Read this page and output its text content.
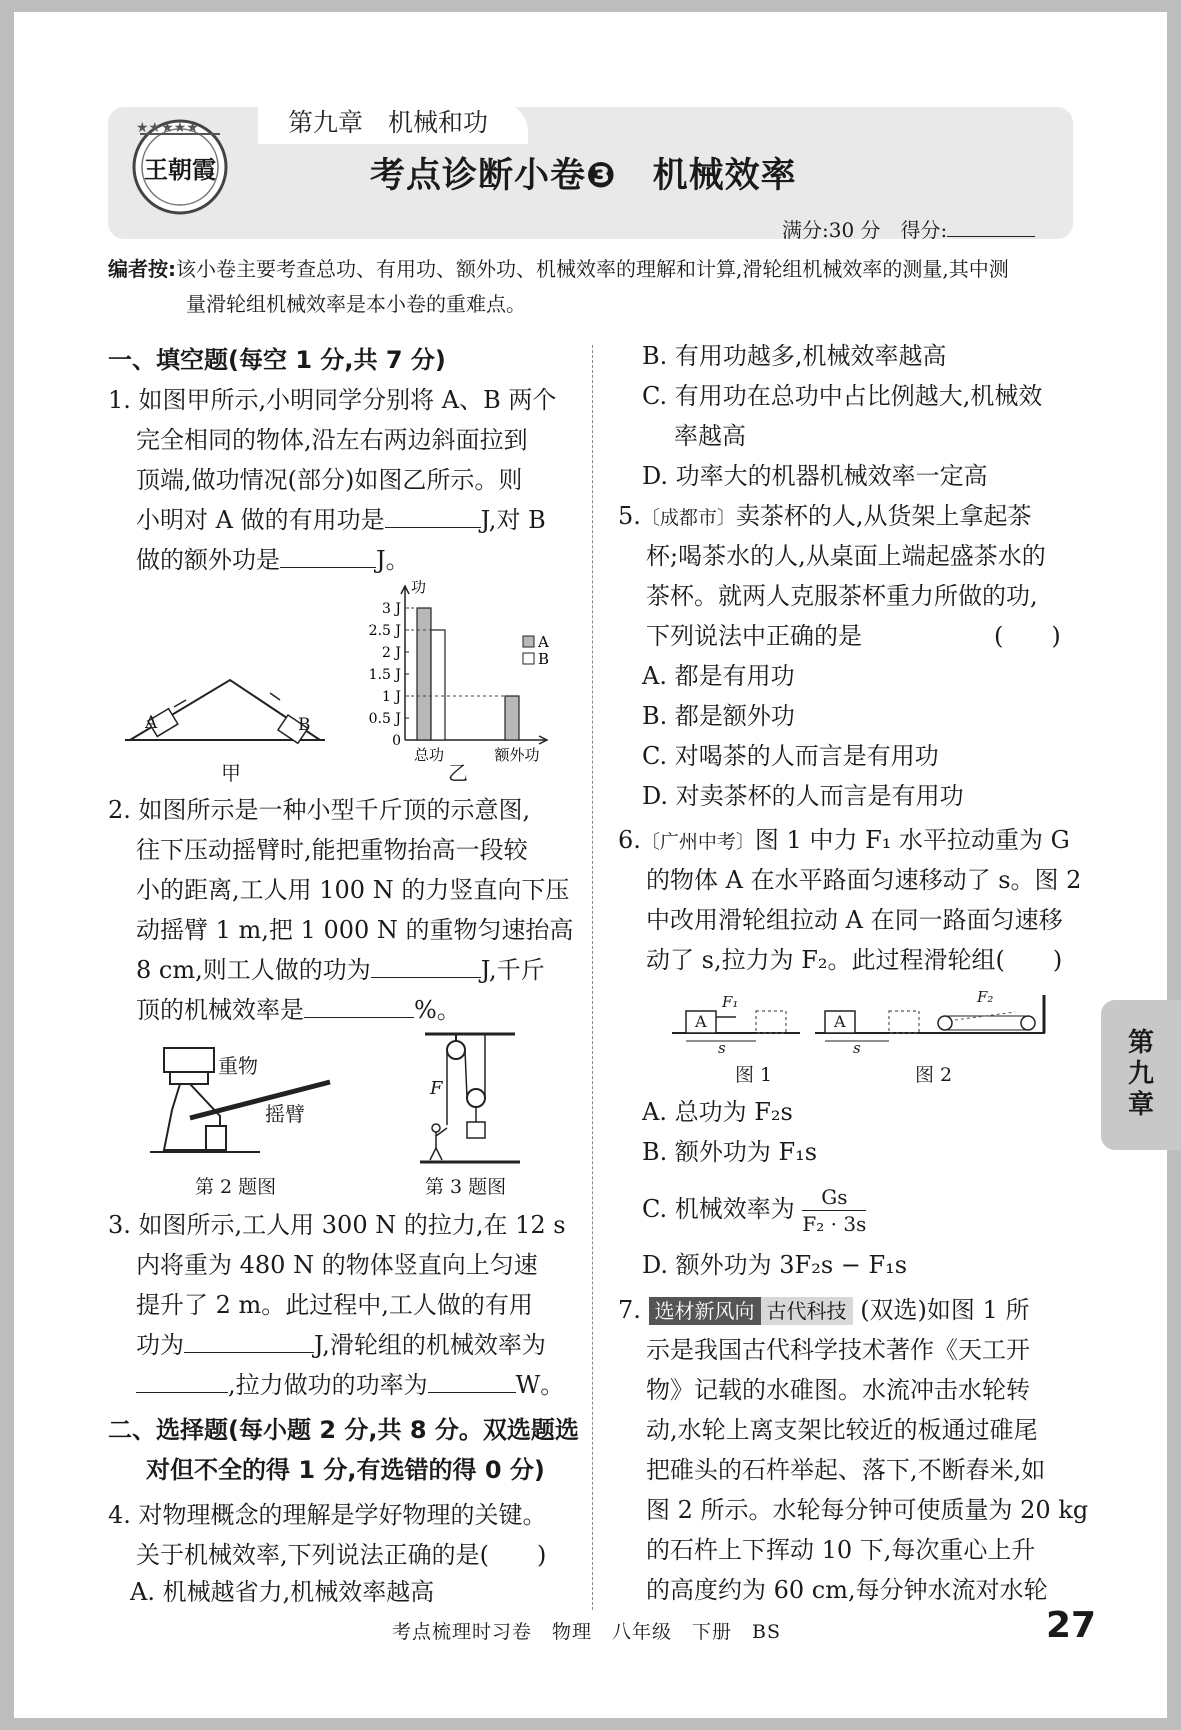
★★★★★
王朝霞
第九章　机械和功
考点诊断小卷❸　机械效率
满分:30 分　得分:
编者按:该小卷主要考查总功、有用功、额外功、机械效率的理解和计算,滑轮组机械效率的测量,其中测
量滑轮组机械效率是本小卷的重难点。
一、填空题(每空 1 分,共 7 分)
1. 如图甲所示,小明同学分别将 A、B 两个
完全相同的物体,沿左右两边斜面拉到
顶端,做功情况(部分)如图乙所示。则
小明对 A 做的有用功是	J,对 B
做的额外功是	J。
A	B
甲
功
3 J
2.5 J
2 J
1.5 J
1 J
0.5 J
0
总功	额外功
A
B
乙
2. 如图所示是一种小型千斤顶的示意图,
往下压动摇臂时,能把重物抬高一段较
小的距离,工人用 100 N 的力竖直向下压
动摇臂 1 m,把 1 000 N 的重物匀速抬高
8 cm,则工人做的功为	J,千斤
顶的机械效率是	%。
重物
摇臂
第 2 题图
F
第 3 题图
3. 如图所示,工人用 300 N 的拉力,在 12 s
内将重为 480 N 的物体竖直向上匀速
提升了 2 m。此过程中,工人做的有用
功为	J,滑轮组的机械效率为
,拉力做功的功率为	W。
二、选择题(每小题 2 分,共 8 分。双选题选
对但不全的得 1 分,有选错的得 0 分)
4. 对物理概念的理解是学好物理的关键。
关于机械效率,下列说法正确的是(　　)
A. 机械越省力,机械效率越高
B. 有用功越多,机械效率越高
C. 有用功在总功中占比例越大,机械效
率越高
D. 功率大的机器机械效率一定高
5.〔成都市〕卖茶杯的人,从货架上拿起茶
杯;喝茶水的人,从桌面上端起盛茶水的
茶杯。就两人克服茶杯重力所做的功,
下列说法中正确的是	(　　)
A. 都是有用功
B. 都是额外功
C. 对喝茶的人而言是有用功
D. 对卖茶杯的人而言是有用功
6.〔广州中考〕图 1 中力 F₁ 水平拉动重为 G
的物体 A 在水平路面匀速移动了 s。图 2
中改用滑轮组拉动 A 在同一路面匀速移
动了 s,拉力为 F₂。此过程滑轮组(　　)
A
F₁
s
A
F₂
s
图 1	图 2
A. 总功为 F₂s
B. 额外功为 F₁s
C. 机械效率为 $\frac{Gs}{\text{F₂ · 3s}}$
D. 额外功为 3F₂s − F₁s
7. 选材新风向 古代科技 (双选)如图 1 所
示是我国古代科学技术著作《天工开
物》记载的水碓图。水流冲击水轮转
动,水轮上离支架比较近的板通过碓尾
把碓头的石杵举起、落下,不断舂米,如
图 2 所示。水轮每分钟可使质量为 20 kg
的石杵上下挥动 10 下,每次重心上升
的高度约为 60 cm,每分钟水流对水轮
第
九
章
考点梳理时习卷　物理　八年级　下册　BS	27
